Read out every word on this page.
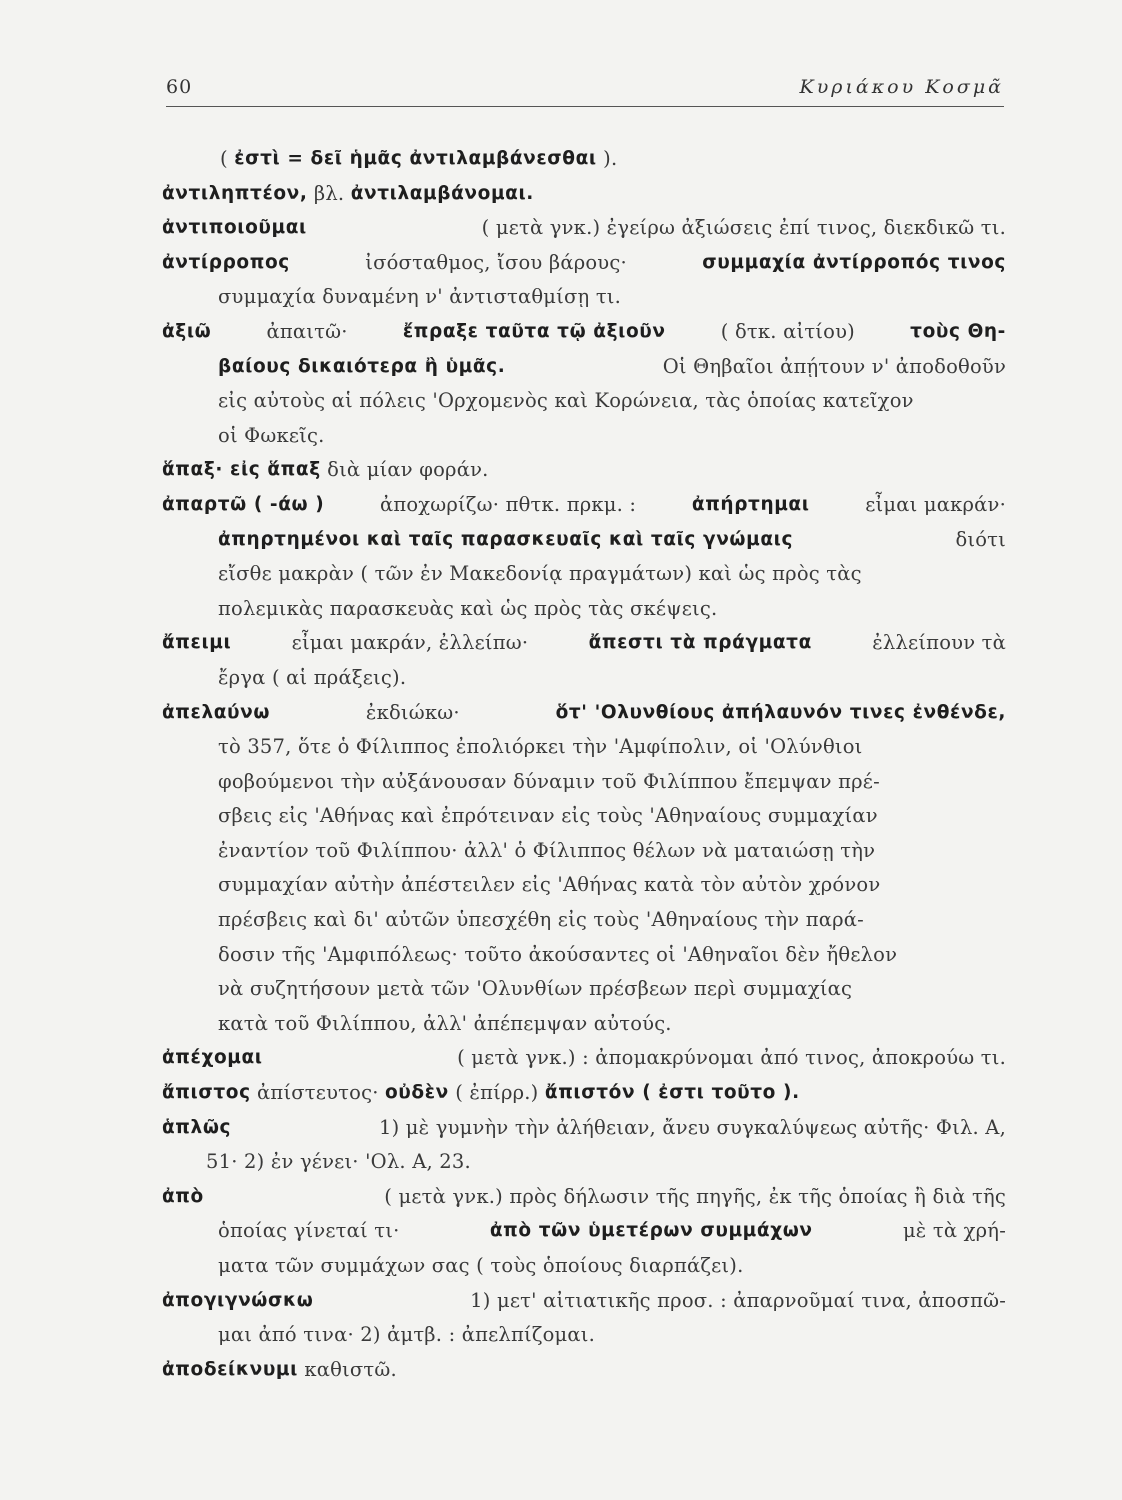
60	Κυριάκου Κοσμᾶ
( ἐστὶ = δεῖ ἡμᾶς ἀντιλαμβάνεσθαι ).
ἀντιληπτέον, βλ. ἀντιλαμβάνομαι.
ἀντιποιοῦμαι	( μετὰ γνκ.) ἐγείρω ἀξιώσεις ἐπί τινος, διεκδικῶ τι.
ἀντίρροπος	ἰσόσταθμος, ἴσου βάρους·	συμμαχία ἀντίρροπός τινος
συμμαχία δυναμένη ν' ἀντισταθμίσῃ τι.
ἀξιῶ	ἀπαιτῶ·	ἔπραξε ταῦτα τῷ ἀξιοῦν	( δτκ. αἰτίου)	τοὺς Θη-
βαίους δικαιότερα ἢ ὑμᾶς.	Οἱ Θηβαῖοι ἀπῄτουν ν' ἀποδοθοῦν
εἰς αὐτοὺς αἱ πόλεις 'Ορχομενὸς καὶ Κορώνεια, τὰς ὁποίας κατεῖχον
οἱ Φωκεῖς.
ἅπαξ· εἰς ἅπαξ διὰ μίαν φοράν.
ἀπαρτῶ ( -άω )	ἀποχωρίζω· πθτκ. πρκμ. :	ἀπήρτημαι	εἶμαι μακράν·
ἀπηρτημένοι καὶ ταῖς παρασκευαῖς καὶ ταῖς γνώμαις	διότι
εἴσθε μακρὰν ( τῶν ἐν Μακεδονίᾳ πραγμάτων) καὶ ὡς πρὸς τὰς
πολεμικὰς παρασκευὰς καὶ ὡς πρὸς τὰς σκέψεις.
ἄπειμι	εἶμαι μακράν, ἐλλείπω·	ἄπεστι τὰ πράγματα	ἐλλείπουν τὰ
ἔργα ( αἱ πράξεις).
ἀπελαύνω	ἐκδιώκω·	ὅτ' 'Ολυνθίους ἀπήλαυνόν τινες ἐνθένδε,
τὸ 357, ὅτε ὁ Φίλιππος ἐπολιόρκει τὴν 'Αμφίπολιν, οἱ 'Ολύνθιοι
φοβούμενοι τὴν αὐξάνουσαν δύναμιν τοῦ Φιλίππου ἔπεμψαν πρέ-
σβεις εἰς 'Αθήνας καὶ ἐπρότειναν εἰς τοὺς 'Αθηναίους συμμαχίαν
ἐναντίον τοῦ Φιλίππου· ἀλλ' ὁ Φίλιππος θέλων νὰ ματαιώσῃ τὴν
συμμαχίαν αὐτὴν ἀπέστειλεν εἰς 'Αθήνας κατὰ τὸν αὐτὸν χρόνον
πρέσβεις καὶ δι' αὐτῶν ὑπεσχέθη εἰς τοὺς 'Αθηναίους τὴν παρά-
δοσιν τῆς 'Αμφιπόλεως· τοῦτο ἀκούσαντες οἱ 'Αθηναῖοι δὲν ἤθελον
νὰ συζητήσουν μετὰ τῶν 'Ολυνθίων πρέσβεων περὶ συμμαχίας
κατὰ τοῦ Φιλίππου, ἀλλ' ἀπέπεμψαν αὐτούς.
ἀπέχομαι	( μετὰ γνκ.) : ἀπομακρύνομαι ἀπό τινος, ἀποκρούω τι.
ἄπιστος ἀπίστευτος· οὐδὲν ( ἐπίρρ.) ἄπιστόν ( ἐστι τοῦτο ).
ἁπλῶς	1) μὲ γυμνὴν τὴν ἀλήθειαν, ἄνευ συγκαλύψεως αὐτῆς· Φιλ. Α,
51· 2) ἐν γένει· 'Ολ. Α, 23.
ἀπὸ	( μετὰ γνκ.) πρὸς δήλωσιν τῆς πηγῆς, ἐκ τῆς ὁποίας ἢ διὰ τῆς
ὁποίας γίνεταί τι·	ἀπὸ τῶν ὑμετέρων συμμάχων	μὲ τὰ χρή-
ματα τῶν συμμάχων σας ( τοὺς ὁποίους διαρπάζει).
ἀπογιγνώσκω	1) μετ' αἰτιατικῆς προσ. : ἀπαρνοῦμαί τινα, ἀποσπῶ-
μαι ἀπό τινα· 2) ἀμτβ. : ἀπελπίζομαι.
ἀποδείκνυμι καθιστῶ.
